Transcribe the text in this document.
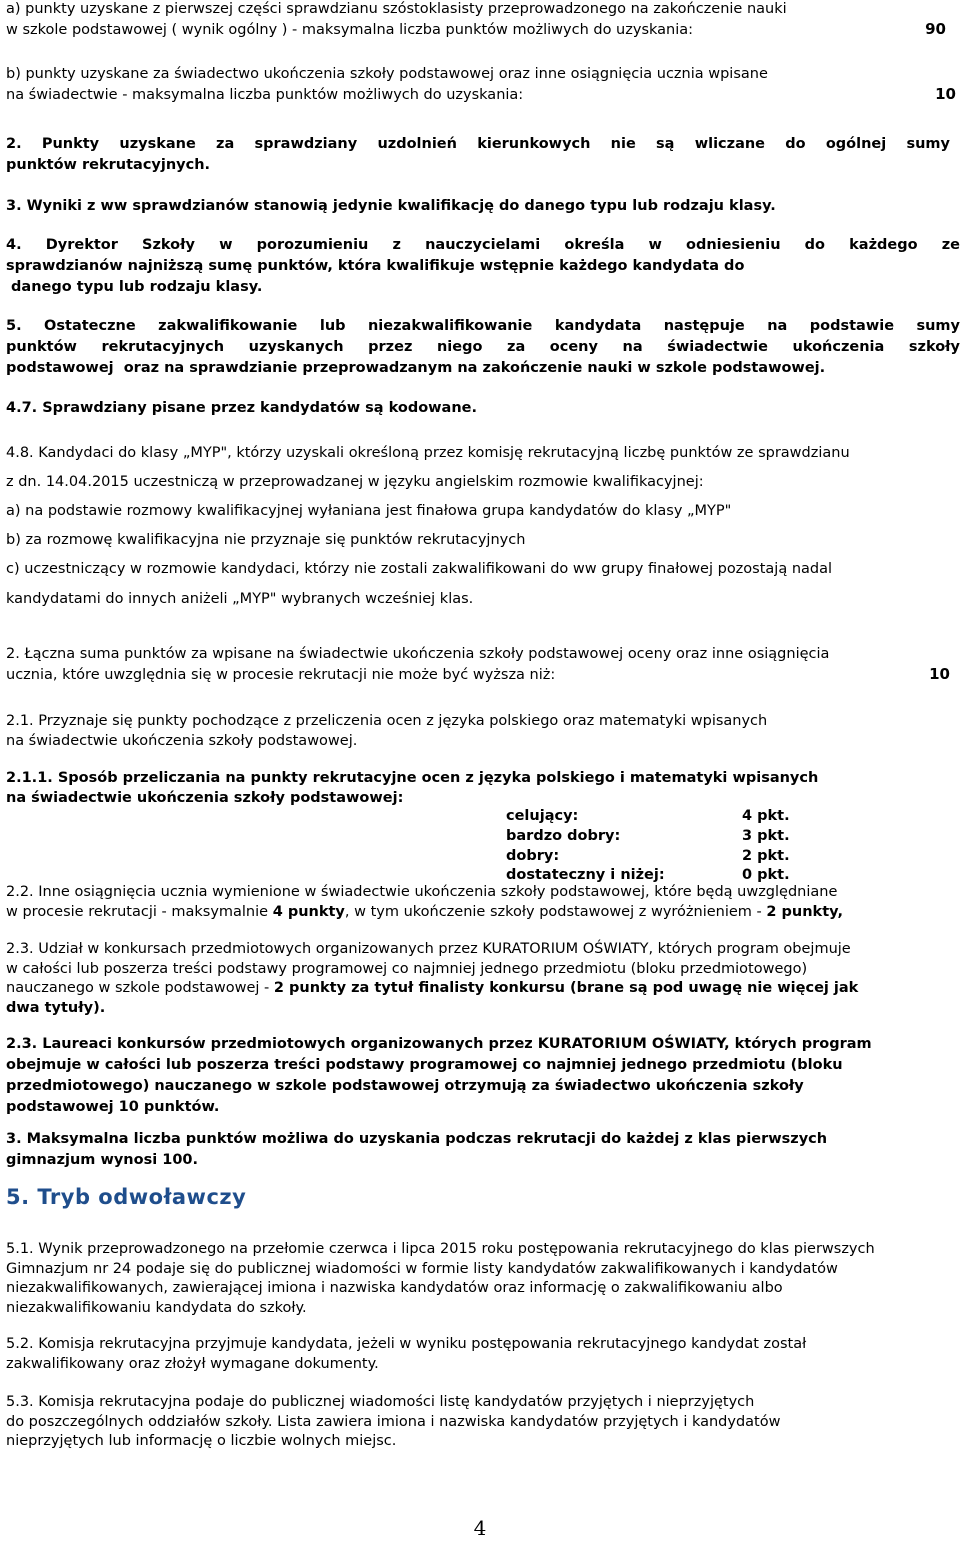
a) punkty uzyskane z pierwszej części sprawdzianu szóstoklasisty przeprowadzonego na zakończenie nauki
w szkole podstawowej ( wynik ogólny ) - maksymalna liczba punktów możliwych do uzyskania:	90
b) punkty uzyskane za świadectwo ukończenia szkoły podstawowej oraz inne osiągnięcia ucznia wpisane
na świadectwie - maksymalna liczba punktów możliwych do uzyskania:	10
2. Punkty uzyskane za sprawdziany uzdolnień kierunkowych nie są wliczane do ogólnej sumy
punktów rekrutacyjnych.
3. Wyniki z ww sprawdzianów stanowią jedynie kwalifikację do danego typu lub rodzaju klasy.
4. Dyrektor Szkoły w porozumieniu z nauczycielami określa w odniesieniu do każdego ze
sprawdzianów najniższą sumę punktów, która kwalifikuje wstępnie każdego kandydata do
danego typu lub rodzaju klasy.
5. Ostateczne zakwalifikowanie lub niezakwalifikowanie kandydata następuje na podstawie sumy
punktów rekrutacyjnych uzyskanych przez niego za oceny na świadectwie ukończenia szkoły
podstawowej  oraz na sprawdzianie przeprowadzanym na zakończenie nauki w szkole podstawowej.
4.7. Sprawdziany pisane przez kandydatów są kodowane.
4.8. Kandydaci do klasy „MYP", którzy uzyskali określoną przez komisję rekrutacyjną liczbę punktów ze sprawdzianu
z dn. 14.04.2015 uczestniczą w przeprowadzanej w języku angielskim rozmowie kwalifikacyjnej:
a) na podstawie rozmowy kwalifikacyjnej wyłaniana jest finałowa grupa kandydatów do klasy „MYP"
b) za rozmowę kwalifikacyjna nie przyznaje się punktów rekrutacyjnych
c) uczestniczący w rozmowie kandydaci, którzy nie zostali zakwalifikowani do ww grupy finałowej pozostają nadal
kandydatami do innych aniżeli „MYP" wybranych wcześniej klas.
2. Łączna suma punktów za wpisane na świadectwie ukończenia szkoły podstawowej oceny oraz inne osiągnięcia
ucznia, które uwzględnia się w procesie rekrutacji nie może być wyższa niż:	10
2.1. Przyznaje się punkty pochodzące z przeliczenia ocen z języka polskiego oraz matematyki wpisanych
na świadectwie ukończenia szkoły podstawowej.
2.1.1. Sposób przeliczania na punkty rekrutacyjne ocen z języka polskiego i matematyki wpisanych
na świadectwie ukończenia szkoły podstawowej:
celujący:	4 pkt.
bardzo dobry:	3 pkt.
dobry:	2 pkt.
dostateczny i niżej:	0 pkt.
2.2. Inne osiągnięcia ucznia wymienione w świadectwie ukończenia szkoły podstawowej, które będą uwzględniane
w procesie rekrutacji - maksymalnie 4 punkty, w tym ukończenie szkoły podstawowej z wyróżnieniem - 2 punkty,
2.3. Udział w konkursach przedmiotowych organizowanych przez KURATORIUM OŚWIATY, których program obejmuje
w całości lub poszerza treści podstawy programowej co najmniej jednego przedmiotu (bloku przedmiotowego)
nauczanego w szkole podstawowej - 2 punkty za tytuł finalisty konkursu (brane są pod uwagę nie więcej jak
dwa tytuły).
2.3. Laureaci konkursów przedmiotowych organizowanych przez KURATORIUM OŚWIATY, których program
obejmuje w całości lub poszerza treści podstawy programowej co najmniej jednego przedmiotu (bloku
przedmiotowego) nauczanego w szkole podstawowej otrzymują za świadectwo ukończenia szkoły
podstawowej 10 punktów.
3. Maksymalna liczba punktów możliwa do uzyskania podczas rekrutacji do każdej z klas pierwszych
gimnazjum wynosi 100.
5. Tryb odwoławczy
5.1. Wynik przeprowadzonego na przełomie czerwca i lipca 2015 roku postępowania rekrutacyjnego do klas pierwszych
Gimnazjum nr 24 podaje się do publicznej wiadomości w formie listy kandydatów zakwalifikowanych i kandydatów
niezakwalifikowanych, zawierającej imiona i nazwiska kandydatów oraz informację o zakwalifikowaniu albo
niezakwalifikowaniu kandydata do szkoły.
5.2. Komisja rekrutacyjna przyjmuje kandydata, jeżeli w wyniku postępowania rekrutacyjnego kandydat został
zakwalifikowany oraz złożył wymagane dokumenty.
5.3. Komisja rekrutacyjna podaje do publicznej wiadomości listę kandydatów przyjętych i nieprzyjętych
do poszczególnych oddziałów szkoły. Lista zawiera imiona i nazwiska kandydatów przyjętych i kandydatów
nieprzyjętych lub informację o liczbie wolnych miejsc.
4
